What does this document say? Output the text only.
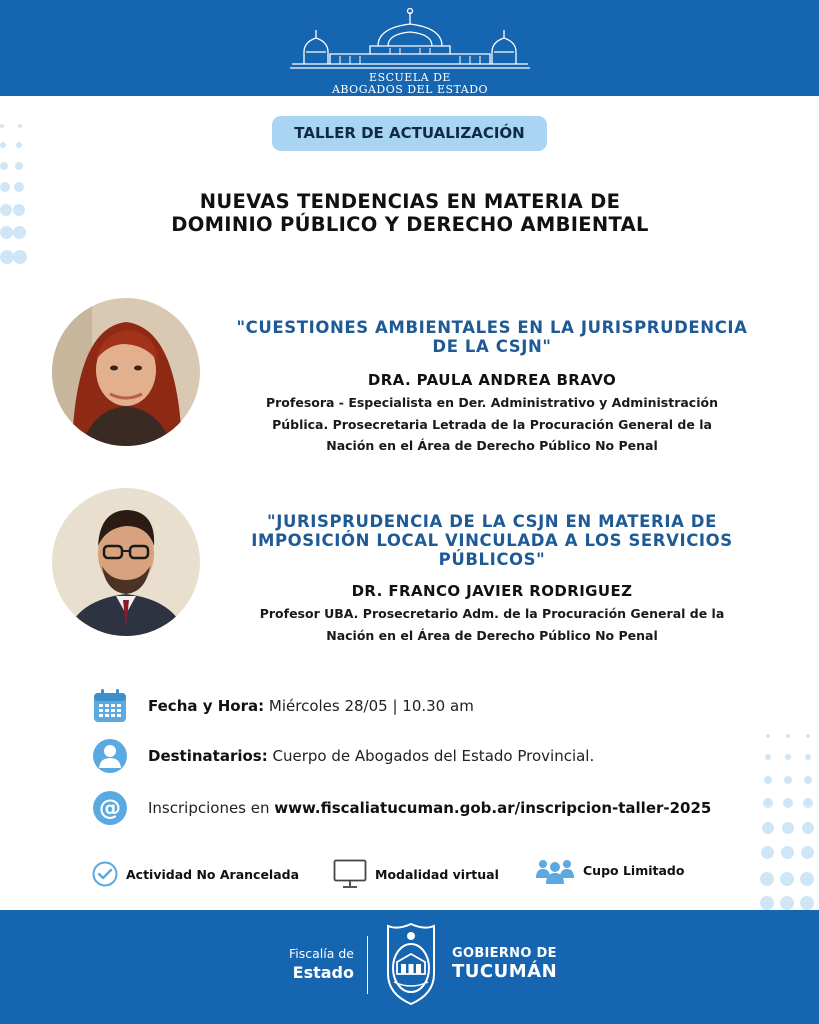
ESCUELA DE
ABOGADOS DEL ESTADO
TALLER DE ACTUALIZACIÓN
NUEVAS TENDENCIAS EN MATERIA DE
DOMINIO PÚBLICO Y DERECHO AMBIENTAL
"CUESTIONES AMBIENTALES EN LA JURISPRUDENCIA
DE LA CSJN"
DRA. PAULA ANDREA BRAVO
Profesora - Especialista en Der. Administrativo y Administración
Pública. Prosecretaria Letrada de la Procuración General de la
Nación en el Área de Derecho Público No Penal
"JURISPRUDENCIA DE LA CSJN EN MATERIA DE
IMPOSICIÓN LOCAL VINCULADA A LOS SERVICIOS
PÚBLICOS"
DR. FRANCO JAVIER RODRIGUEZ
Profesor UBA. Prosecretario Adm. de la Procuración General de la
Nación en el Área de Derecho Público No Penal
Fecha y Hora: Miércoles 28/05 | 10.30 am
Destinatarios: Cuerpo de Abogados del Estado Provincial.
@ Inscripciones en www.fiscaliatucuman.gob.ar/inscripcion-taller-2025
Actividad No Arancelada	Modalidad virtual	Cupo Limitado
Fiscalía de
Estado
GOBIERNO DE
TUCUMÁN
